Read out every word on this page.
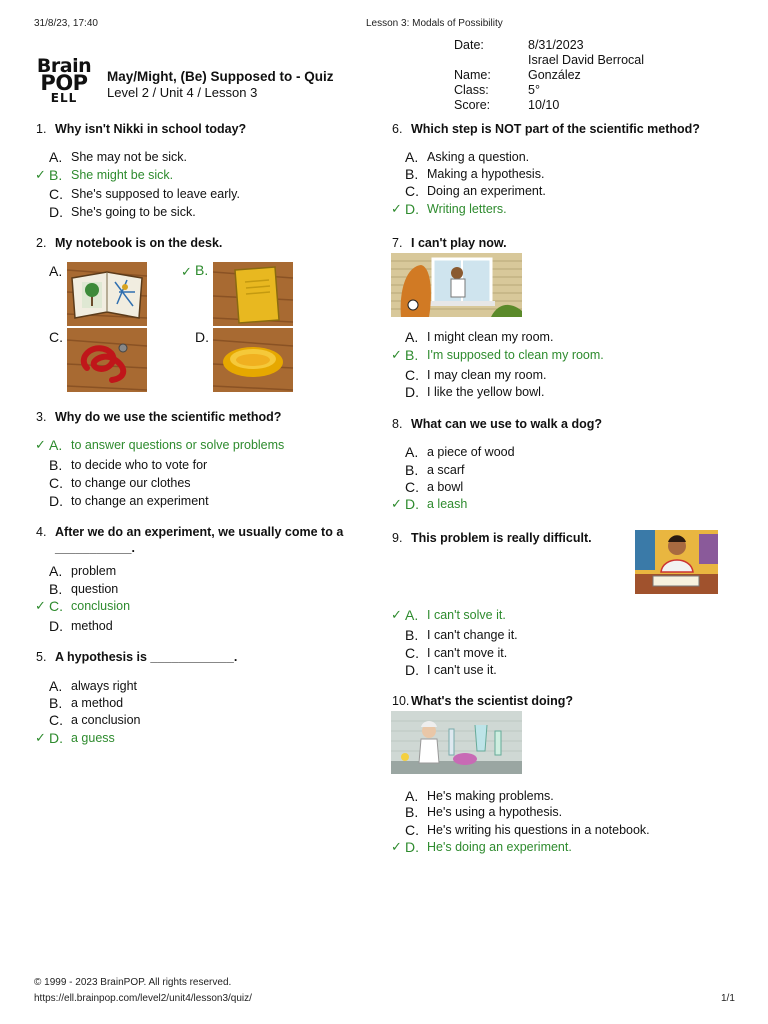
31/8/23, 17:40	Lesson 3: Modals of Possibility
Brain
POP
ELL
May/Might, (Be) Supposed to - Quiz
Level 2 / Unit 4 / Lesson 3
Date:	8/31/2023
Israel David Berrocal
Name:	González
Class:	5°
Score:	10/10
1. Why isn't Nikki in school today?
A. She may not be sick.
✓ B. She might be sick.
C. She's supposed to leave early.
D. She's going to be sick.
2. My notebook is on the desk.
A.	✓ B.
C.	D.
3. Why do we use the scientific method?
✓ A. to answer questions or solve problems
B. to decide who to vote for
C. to change our clothes
D. to change an experiment
4. After we do an experiment, we usually come to a
___________.
A. problem
B. question
✓ C. conclusion
D. method
5. A hypothesis is ____________.
A. always right
B. a method
C. a conclusion
✓ D. a guess
6. Which step is NOT part of the scientific method?
A. Asking a question.
B. Making a hypothesis.
C. Doing an experiment.
✓ D. Writing letters.
7. I can't play now.
A. I might clean my room.
✓ B. I'm supposed to clean my room.
C. I may clean my room.
D. I like the yellow bowl.
8. What can we use to walk a dog?
A. a piece of wood
B. a scarf
C. a bowl
✓ D. a leash
9. This problem is really difficult.
✓ A. I can't solve it.
B. I can't change it.
C. I can't move it.
D. I can't use it.
10. What's the scientist doing?
A. He's making problems.
B. He's using a hypothesis.
C. He's writing his questions in a notebook.
✓ D. He's doing an experiment.
© 1999 - 2023 BrainPOP. All rights reserved.
https://ell.brainpop.com/level2/unit4/lesson3/quiz/	1/1
